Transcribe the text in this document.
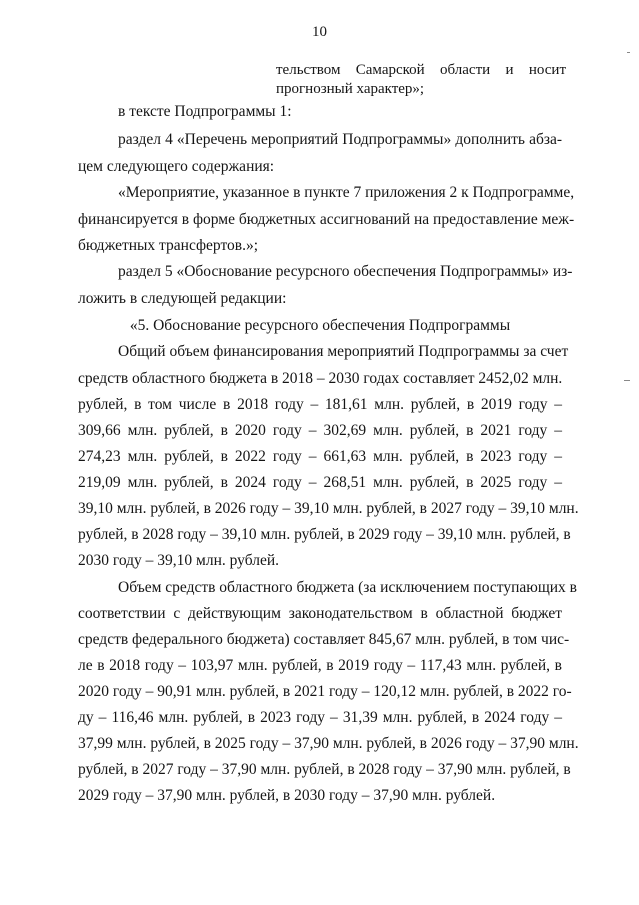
10
тельством Самарской области и носит
прогнозный характер»;
в тексте Подпрограммы 1:
раздел 4 «Перечень мероприятий Подпрограммы» дополнить абза-
цем следующего содержания:
«Мероприятие, указанное в пункте 7 приложения 2 к Подпрограмме,
финансируется в форме бюджетных ассигнований на предоставление меж-
бюджетных трансфертов.»;
раздел 5 «Обоснование ресурсного обеспечения Подпрограммы» из-
ложить в следующей редакции:
«5. Обоснование ресурсного обеспечения Подпрограммы
Общий объем финансирования мероприятий Подпрограммы за счет
средств областного бюджета в 2018 – 2030 годах составляет 2452,02 млн.
рублей, в том числе в 2018 году – 181,61 млн. рублей, в 2019 году –
309,66 млн. рублей, в 2020 году – 302,69 млн. рублей, в 2021 году –
274,23 млн. рублей, в 2022 году – 661,63 млн. рублей, в 2023 году –
219,09 млн. рублей, в 2024 году – 268,51 млн. рублей, в 2025 году –
39,10 млн. рублей, в 2026 году – 39,10 млн. рублей, в 2027 году – 39,10 млн.
рублей, в 2028 году – 39,10 млн. рублей, в 2029 году – 39,10 млн. рублей, в
2030 году – 39,10 млн. рублей.
Объем средств областного бюджета (за исключением поступающих в
соответствии с действующим законодательством в областной бюджет
средств федерального бюджета) составляет 845,67 млн. рублей, в том чис-
ле в 2018 году – 103,97 млн. рублей, в 2019 году – 117,43 млн. рублей, в
2020 году – 90,91 млн. рублей, в 2021 году – 120,12 млн. рублей, в 2022 го-
ду – 116,46 млн. рублей, в 2023 году – 31,39 млн. рублей, в 2024 году –
37,99 млн. рублей, в 2025 году – 37,90 млн. рублей, в 2026 году – 37,90 млн.
рублей, в 2027 году – 37,90 млн. рублей, в 2028 году – 37,90 млн. рублей, в
2029 году – 37,90 млн. рублей, в 2030 году – 37,90 млн. рублей.
